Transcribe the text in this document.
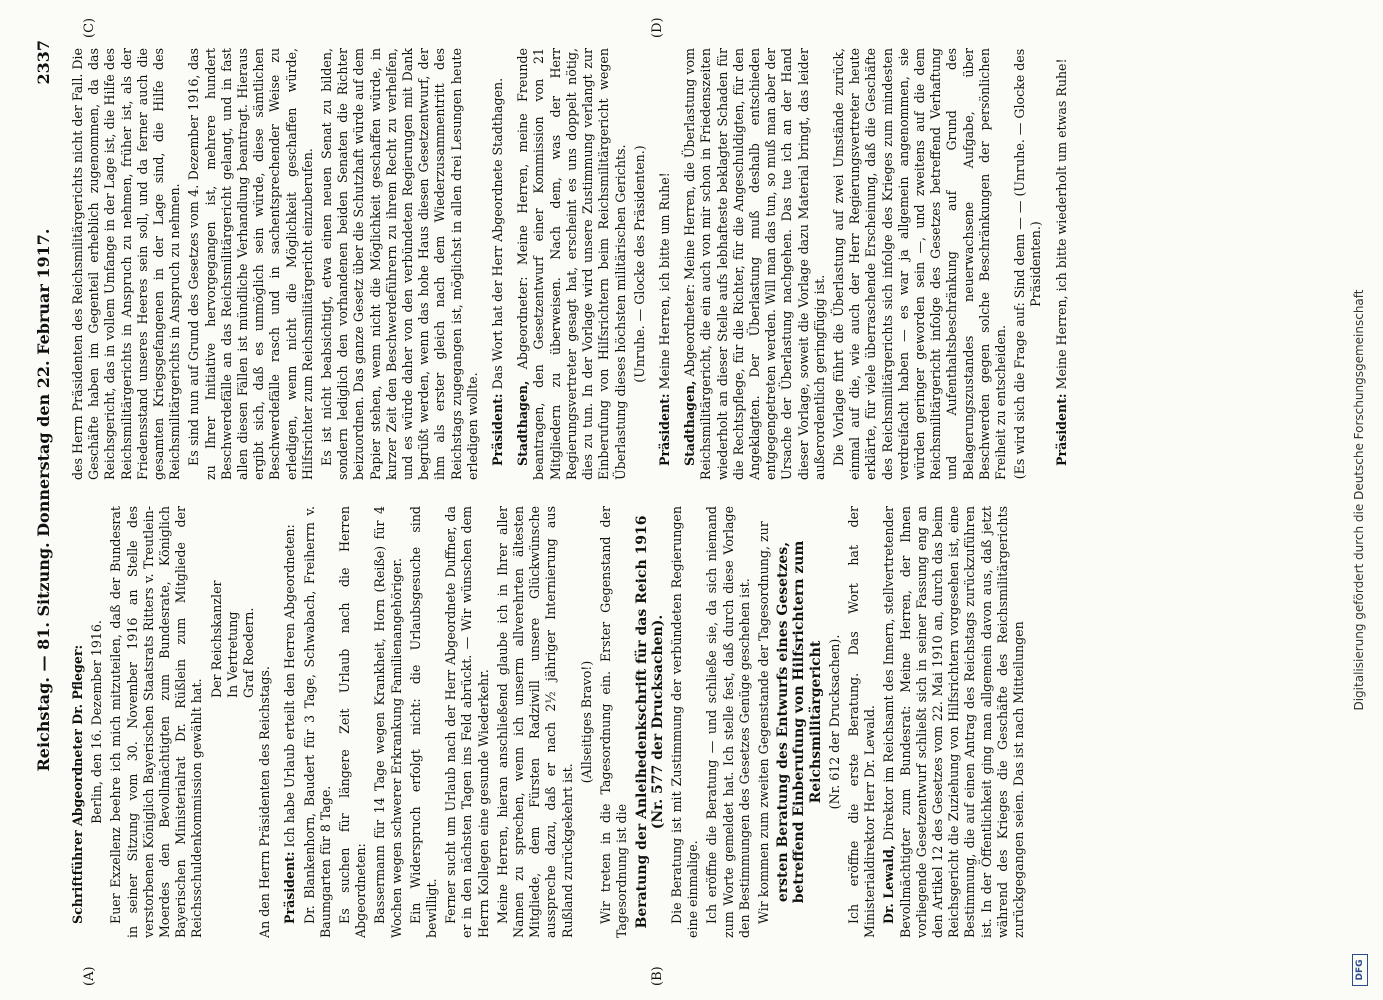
Reichstag. — 81. Sitzung. Donnerstag den 22. Februar 1917.
2337
(A)	(B)
(C)	(D)

Schriftführer Abgeordneter Dr. Pfleger: Berlin, den 16. Dezember 1916. Euer Exzellenz beehre ich mich mitzuteilen, daß der Bundesrat in seiner Sitzung vom 30. November 1916 an Stelle des verstorbenen Königlich Bayerischen Staatsrats Ritters v. Treutlein-Moerdes den Bevollmächtigten zum Bundesrate, Königlich Bayerischen Ministerialrat Dr. Rüßlein zum Mitgliede der Reichsschuldenkommission gewählt hat.

Der Reichskanzler In Vertretung Graf Roedern.

An den Herrn Präsidenten des Reichstags. Präsident: Ich habe Urlaub erteilt den Herren Abgeordneten: Dr. Blankenhorn, Baudert für 3 Tage, Schwabach, Freiherrn v. Baumgarten für 8 Tage. Es suchen für längere Zeit Urlaub nach die Herren Abgeordneten: Bassermann für 14 Tage wegen Krankheit, Horn (Reiße) für 4 Wochen wegen schwerer Erkrankung Familienangehöriger. Ein Widerspruch erfolgt nicht: die Urlaubsgesuche sind bewilligt. Ferner sucht um Urlaub nach der Herr Abgeordnete Duffner, da er in den nächsten Tagen ins Feld abrückt. — Wir wünschen dem Herrn Kollegen eine gesunde Wiederkehr. Meine Herren, hieran anschließend glaube ich in Ihrer aller Namen zu sprechen, wenn ich unserm allverehrten ältesten Mitgliede, dem Fürsten Radziwill unsere Glückwünsche ausspreche dazu, daß er nach 2½ jähriger Internierung aus Rußland zurückgekehrt ist.

(Allseitiges Bravo!) Wir treten in die Tagesordnung ein. Erster Gegenstand der Tagesordnung ist die Beratung der Anleihedenkschrift für das Reich 1916 (Nr. 577 der Drucksachen). Die Beratung ist mit Zustimmung der verbündeten Regierungen eine einmalige. Ich eröffne die Beratung — und schließe sie, da sich niemand zum Worte gemeldet hat. Ich stelle fest, daß durch diese Vorlage den Bestimmungen des Gesetzes Genüge geschehen ist. Wir kommen zum zweiten Gegenstande der Tagesordnung, zur ersten Beratung des Entwurfs eines Gesetzes, betreffend Einberufung von Hilfsrichtern zum Reichsmilitärgericht (Nr. 612 der Drucksachen). Ich eröffne die erste Beratung. Das Wort hat der Ministerialdirektor Herr Dr. Lewald. Dr. Lewald, Direktor im Reichsamt des Innern, stellvertretender Bevollmächtigter zum Bundesrat: Meine Herren, der Ihnen vorliegende Gesetzentwurf schließt sich in seiner Fassung eng an den Artikel 12 des Gesetzes vom 22. Mai 1910 an, durch das beim Reichsgericht die Zuziehung von Hilfsrichtern vorgesehen ist, eine Bestimmung, die auf einen Antrag des Reichstags zurückzuführen ist. In der Öffentlichkeit ging man allgemein davon aus, daß jetzt während des Krieges die Geschäfte des Reichsmilitärgerichts zurückgegangen seien. Das ist nach Mitteilungen

des Herrn Präsidenten des Reichsmilitärgerichts nicht der Fall. Die Geschäfte haben im Gegenteil erheblich zugenommen, da das Reichsgericht, das in vollem Umfange in der Lage ist, die Hilfe des Reichsmilitärgerichts in Anspruch zu nehmen, früher ist, als der Friedensstand unseres Heeres sein soll, und da ferner auch die gesamten Kriegsgefangenen in der Lage sind, die Hilfe des Reichsmilitärgerichts in Anspruch zu nehmen. Es sind nun auf Grund des Gesetzes vom 4. Dezember 1916, das zu Ihrer Initiative hervorgegangen ist, mehrere hundert Beschwerdefälle an das Reichsmilitärgericht gelangt, und in fast allen diesen Fällen ist mündliche Verhandlung beantragt. Hieraus ergibt sich, daß es unmöglich sein würde, diese sämtlichen Beschwerdefälle rasch und in sachentsprechender Weise zu erledigen, wenn nicht die Möglichkeit geschaffen würde, Hilfsrichter zum Reichsmilitärgericht einzuberufen. Es ist nicht beabsichtigt, etwa einen neuen Senat zu bilden, sondern lediglich den vorhandenen beiden Senaten die Richter beizuordnen. Das ganze Gesetz über die Schutzhaft würde auf dem Papier stehen, wenn nicht die Möglichkeit geschaffen würde, in kurzer Zeit den Beschwerdeführern zu ihrem Recht zu verhelfen, und es würde daher von den verbündeten Regierungen mit Dank begrüßt werden, wenn das hohe Haus diesen Gesetzentwurf, der ihm als erster gleich nach dem Wiederzusammentritt des Reichstags zugegangen ist, möglichst in allen drei Lesungen heute erledigen wollte. Präsident: Das Wort hat der Herr Abgeordnete Stadthagen.

Stadthagen, Abgeordneter: Meine Herren, meine Freunde beantragen, den Gesetzentwurf einer Kommission von 21 Mitgliedern zu überweisen. Nach dem, was der Herr Regierungsvertreter gesagt hat, erscheint es uns doppelt nötig, dies zu tun. In der Vorlage wird unsere Zustimmung verlangt zur Einberufung von Hilfsrichtern beim Reichsmilitärgericht wegen Überlastung dieses höchsten militärischen Gerichts. (Unruhe. — Glocke des Präsidenten.)

Präsident: Meine Herren, ich bitte um Ruhe!

Stadthagen, Abgeordneter: Meine Herren, die Überlastung vom Reichsmilitärgericht, die ein auch von mir schon in Friedenszeiten wiederholt an dieser Stelle aufs lebhafteste beklagter Schaden für die Rechtspflege, für die Richter, für die Angeschuldigten, für den Angeklagten. Der Überlastung muß deshalb entschieden entgegengetreten werden. Will man das tun, so muß man aber der Ursache der Überlastung nachgehen. Das tue ich an der Hand dieser Vorlage, soweit die Vorlage dazu Material bringt, das leider außerordentlich geringfügig ist. Die Vorlage führt die Überlastung auf zwei Umstände zurück, einmal auf die, wie auch der Herr Regierungsvertreter heute erklärte, für viele überraschende Erscheinung, daß die Geschäfte des Reichsmilitärgerichts sich infolge des Krieges zum mindesten verdreifacht haben — es war ja allgemein angenommen, sie würden geringer geworden sein —, und zweitens auf die dem Reichsmilitärgericht infolge des Gesetzes betreffend Verhaftung und Aufenthaltsbeschränkung auf Grund des Belagerungszustandes neuerwachsene Aufgabe, über Beschwerden gegen solche Beschränkungen der persönlichen Freiheit zu entscheiden. (Es wird sich die Frage auf: Sind denn — — (Unruhe. — Glocke des Präsidenten.)

Präsident: Meine Herren, ich bitte wiederholt um etwas Ruhe!

DFG
Digitalisierung gefördert durch die Deutsche Forschungsgemeinschaft
